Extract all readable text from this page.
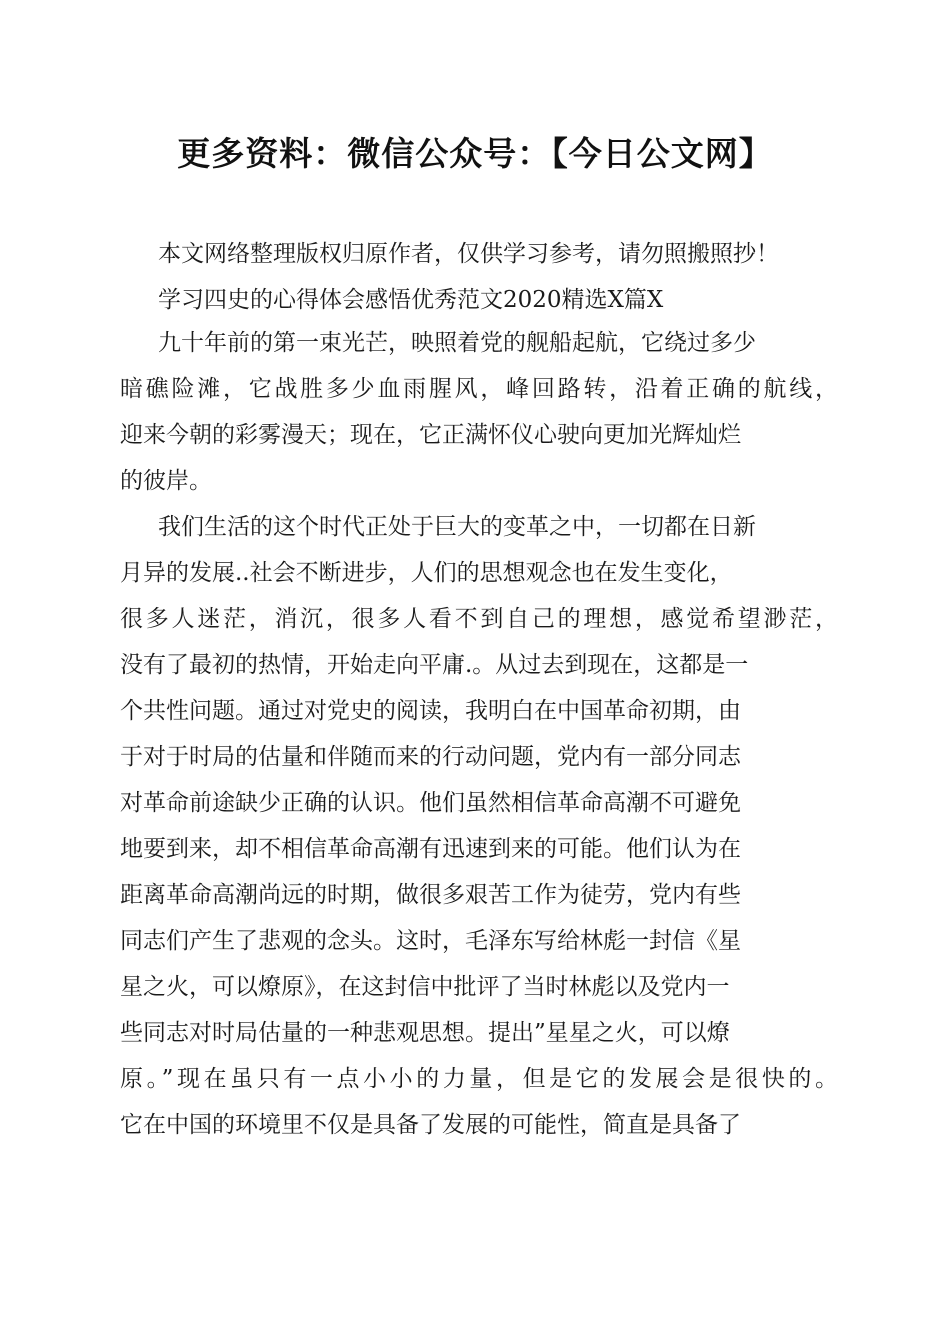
更多资料：微信公众号：【今日公文网】
本文网络整理版权归原作者，仅供学习参考，请勿照搬照抄！
学习四史的心得体会感悟优秀范文2020精选X篇X
九十年前的第一束光芒，映照着党的舰船起航，它绕过多少
暗礁险滩，它战胜多少血雨腥风，峰回路转，沿着正确的航线，
迎来今朝的彩雾漫天；现在，它正满怀仪心驶向更加光辉灿烂
的彼岸。
我们生活的这个时代正处于巨大的变革之中，一切都在日新
月异的发展..社会不断进步，人们的思想观念也在发生变化，
很多人迷茫，消沉，很多人看不到自己的理想，感觉希望渺茫，
没有了最初的热情，开始走向平庸.。从过去到现在，这都是一
个共性问题。通过对党史的阅读，我明白在中国革命初期，由
于对于时局的估量和伴随而来的行动问题，党内有一部分同志
对革命前途缺少正确的认识。他们虽然相信革命高潮不可避免
地要到来，却不相信革命高潮有迅速到来的可能。他们认为在
距离革命高潮尚远的时期，做很多艰苦工作为徒劳，党内有些
同志们产生了悲观的念头。这时，毛泽东写给林彪一封信《星
星之火，可以燎原》，在这封信中批评了当时林彪以及党内一
些同志对时局估量的一种悲观思想。提出”星星之火，可以燎
原。”现在虽只有一点小小的力量，但是它的发展会是很快的。
它在中国的环境里不仅是具备了发展的可能性，简直是具备了
